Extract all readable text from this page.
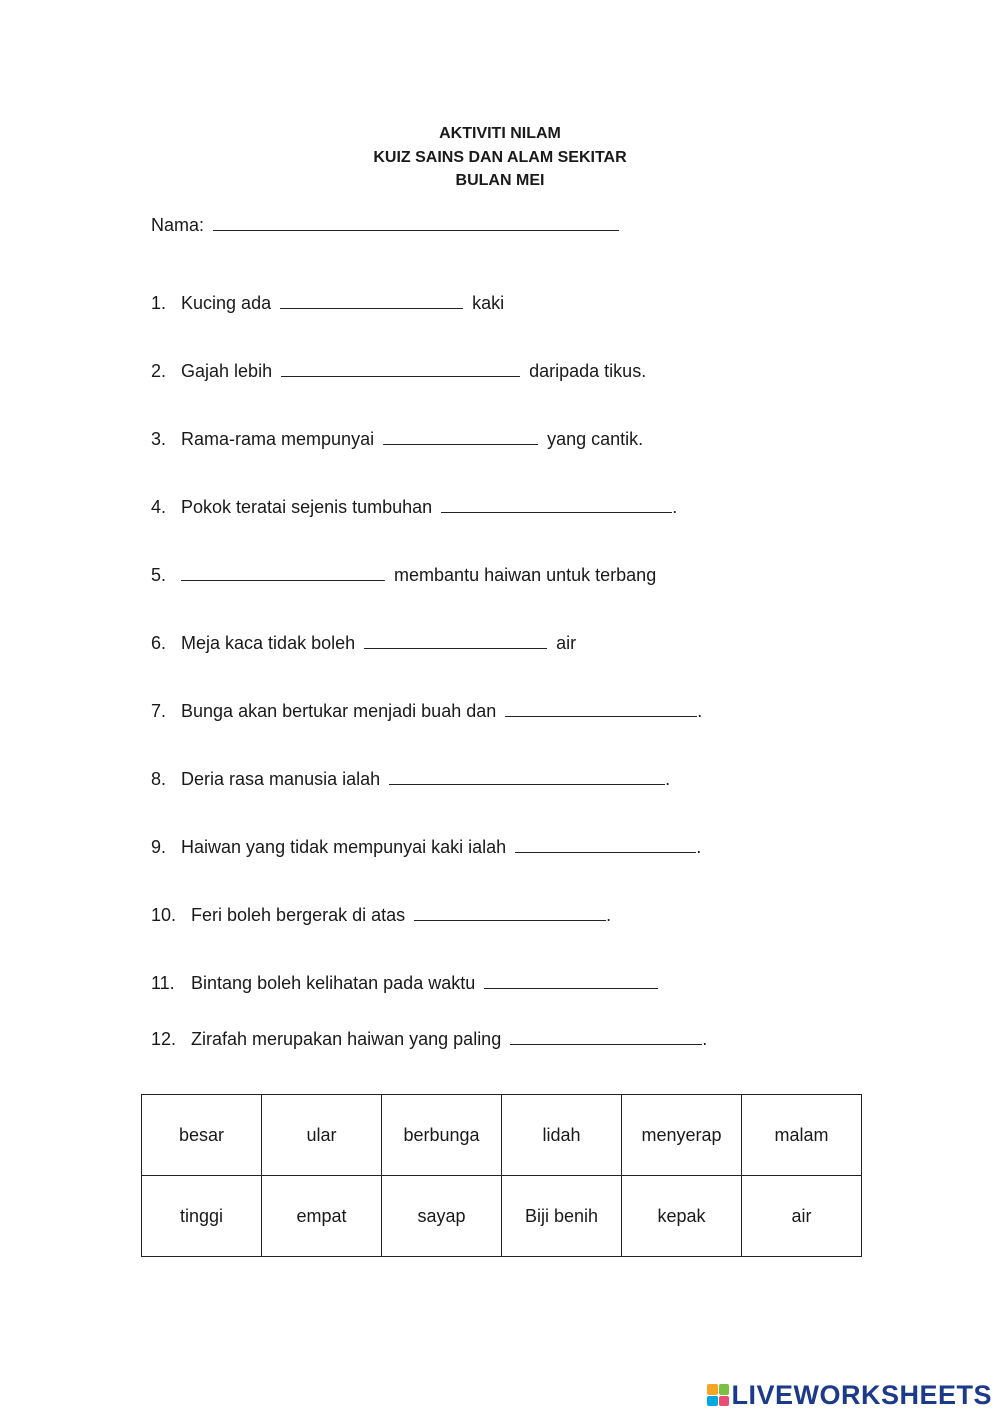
AKTIVITI NILAM
KUIZ SAINS DAN ALAM SEKITAR
BULAN MEI
Nama:
1. Kucing ada	kaki
2. Gajah lebih	daripada tikus.
3. Rama-rama mempunyai	yang cantik.
4. Pokok teratai sejenis tumbuhan	.
5.	membantu haiwan untuk terbang
6. Meja kaca tidak boleh	air
7. Bunga akan bertukar menjadi buah dan	.
8. Deria rasa manusia ialah	.
9. Haiwan yang tidak mempunyai kaki ialah	.
10. Feri boleh bergerak di atas	.
11. Bintang boleh kelihatan pada waktu
12. Zirafah merupakan haiwan yang paling	.
besar	ular	berbunga	lidah	menyerap	malam
tinggi	empat	sayap	Biji benih	kepak	air
LIVEWORKSHEETS
